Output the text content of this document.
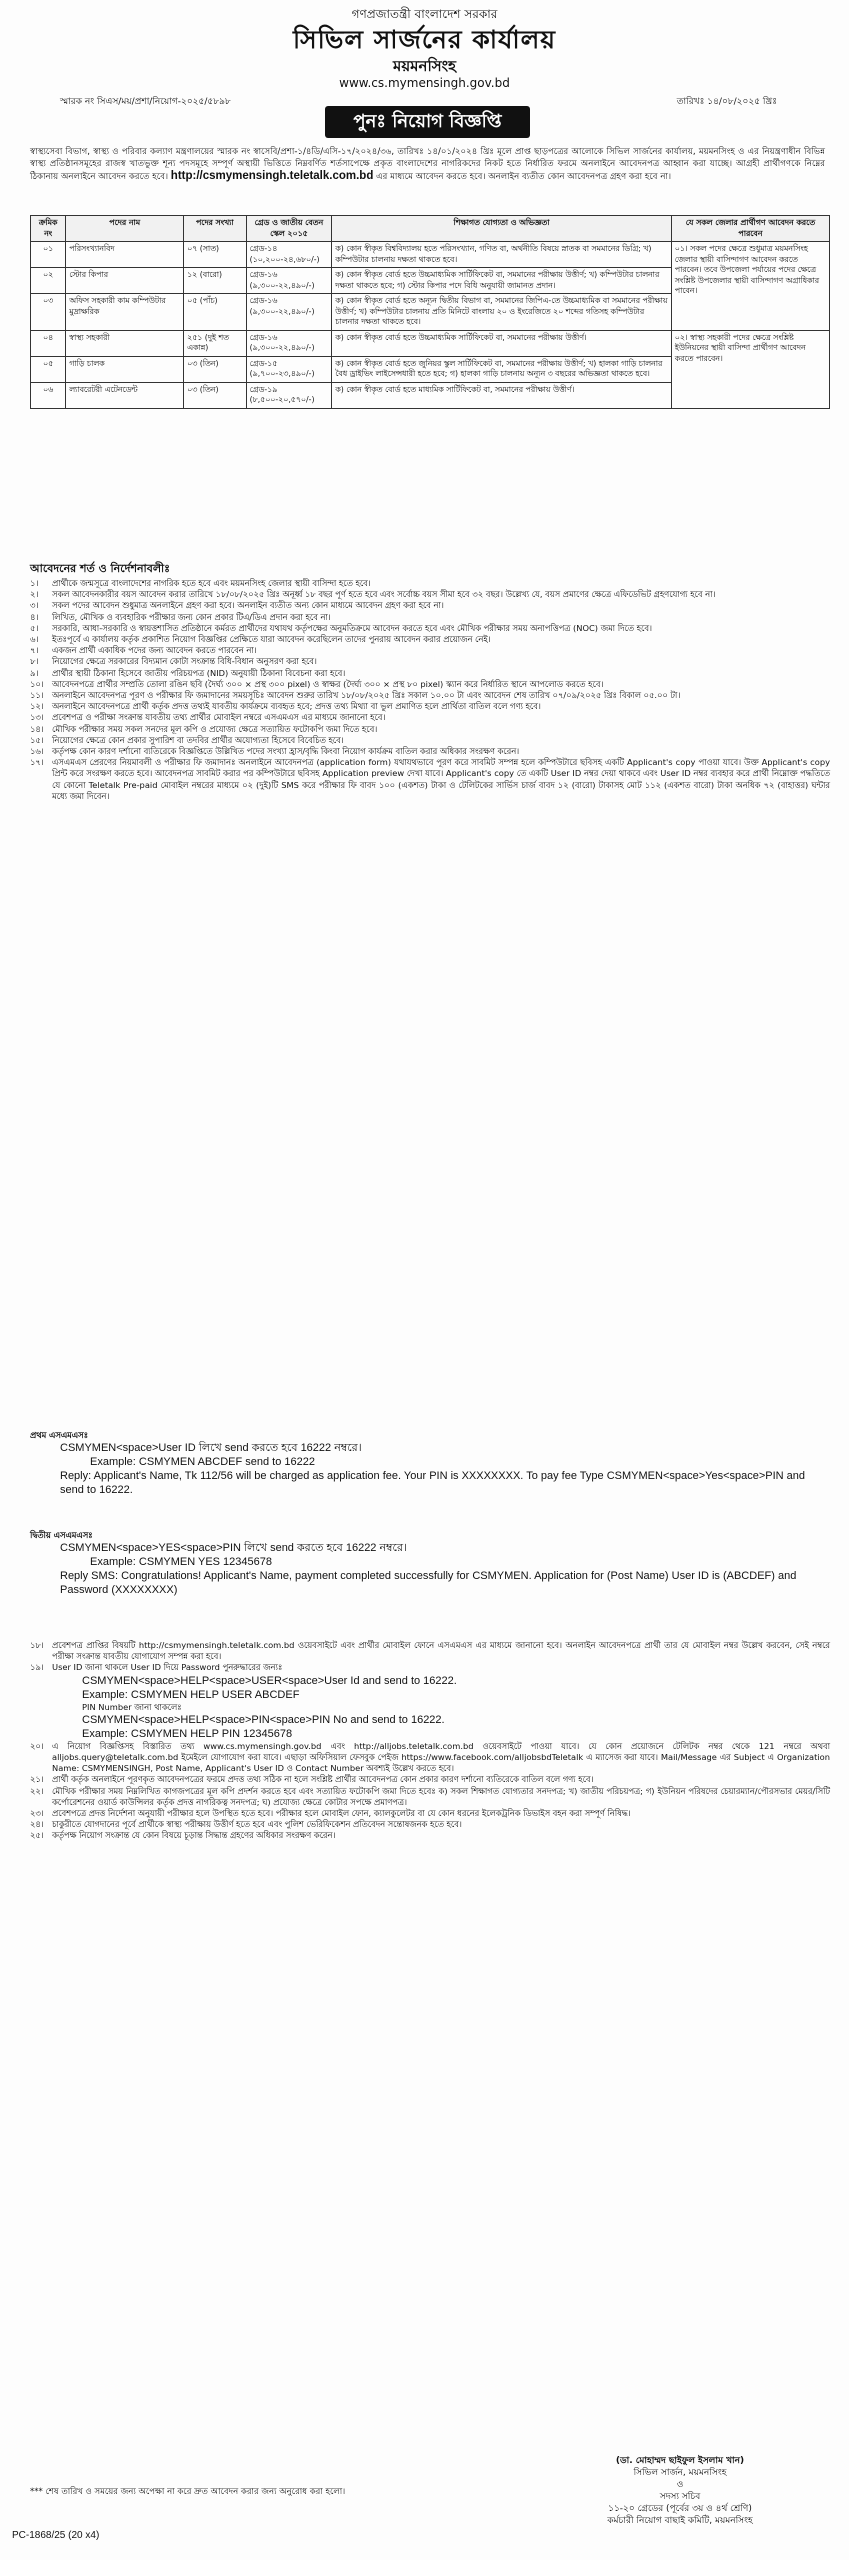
গণপ্রজাতন্ত্রী বাংলাদেশ সরকার
সিভিল সার্জনের কার্যালয়
ময়মনসিংহ
www.cs.mymensingh.gov.bd
স্মারক নং সিএস/ময়/প্রশা/নিয়োগ-২০২৫/৫৮৯৮	তারিখঃ ১৪/০৮/২০২৫ খ্রিঃ
পুনঃ নিয়োগ বিজ্ঞপ্তি
স্বাস্থ্যসেবা বিভাগ, স্বাস্থ্য ও পরিবার কল্যাণ মন্ত্রণালয়ের স্মারক নং স্বাসেবি/প্রশা-১/৪ডি/এসি-১৭/২০২৪/৩৬, তারিখঃ ১৪/০১/২০২৪ খ্রিঃ মূলে প্রাপ্ত ছাড়পত্রের আলোকে সিভিল সার্জনের কার্যালয়, ময়মনসিংহ ও এর নিয়ন্ত্রণাধীন বিভিন্ন স্বাস্থ্য প্রতিষ্ঠানসমূহের রাজস্ব খাতভুক্ত শূন্য পদসমূহে সম্পূর্ণ অস্থায়ী ভিত্তিতে নিম্নবর্ণিত শর্তসাপেক্ষে প্রকৃত বাংলাদেশের নাগরিকদের নিকট হতে নির্ধারিত ফরমে অনলাইনে আবেদনপত্র আহ্বান করা যাচ্ছে। আগ্রহী প্রার্থীগণকে নিম্নের ঠিকানায় অনলাইনে আবেদন করতে হবে। http://csmymensingh.teletalk.com.bd এর মাধ্যমে আবেদন করতে হবে। অনলাইন ব্যতীত কোন আবেদনপত্র গ্রহণ করা হবে না।
ক্রমিক নং	পদের নাম	পদের সংখ্যা	গ্রেড ও জাতীয় বেতন স্কেল ২০১৫	শিক্ষাগত যোগ্যতা ও অভিজ্ঞতা	যে সকল জেলার প্রার্থীগণ আবেদন করতে পারবেন
০১	পরিসংখ্যানবিদ	০৭ (সাত)	গ্রেড-১৪ (১০,২০০-২৪,৬৮০/-)	ক) কোন স্বীকৃত বিশ্ববিদ্যালয় হতে পরিসংখ্যান, গণিত বা, অর্থনীতি বিষয়ে স্নাতক বা সমমানের ডিগ্রি; খ) কম্পিউটার চালনায় দক্ষতা থাকতে হবে।	০১। সকল পদের ক্ষেত্রে শুধুমাত্র ময়মনসিংহ জেলার স্থায়ী বাসিন্দাগণ আবেদন করতে পারবেন। তবে উপজেলা পর্যায়ের পদের ক্ষেত্রে সংশ্লিষ্ট উপজেলার স্থায়ী বাসিন্দাগণ অগ্রাধিকার পাবেন।
০২	স্টোর কিপার	১২ (বারো)	গ্রেড-১৬ (৯,৩০০-২২,৪৯০/-)	ক) কোন স্বীকৃত বোর্ড হতে উচ্চমাধ্যমিক সার্টিফিকেট বা, সমমানের পরীক্ষায় উত্তীর্ণ; খ) কম্পিউটার চালনার দক্ষতা থাকতে হবে; গ) স্টোর কিপার পদে বিধি অনুযায়ী জামানত প্রদান।	
০৩	অফিস সহকারী কাম কম্পিউটার মুদ্রাক্ষরিক	০৫ (পাঁচ)	গ্রেড-১৬ (৯,৩০০-২২,৪৯০/-)	ক) কোন স্বীকৃত বোর্ড হতে অন্যূন দ্বিতীয় বিভাগ বা, সমমানের জিপিএ-তে উচ্চমাধ্যমিক বা সমমানের পরীক্ষায় উত্তীর্ণ; খ) কম্পিউটার চালনায় প্রতি মিনিটে বাংলায় ২০ ও ইংরেজিতে ২০ শব্দের গতিসহ কম্পিউটার চালনার দক্ষতা থাকতে হবে।	
০৪	স্বাস্থ্য সহকারী	২৫১ (দুই শত একান্ন)	গ্রেড-১৬ (৯,৩০০-২২,৪৯০/-)	ক) কোন স্বীকৃত বোর্ড হতে উচ্চমাধ্যমিক সার্টিফিকেট বা, সমমানের পরীক্ষায় উত্তীর্ণ।	০২। স্বাস্থ্য সহকারী পদের ক্ষেত্রে সংশ্লিষ্ট ইউনিয়নের স্থায়ী বাসিন্দা প্রার্থীগণ আবেদন করতে পারবেন।
০৫	গাড়ি চালক	০৩ (তিন)	গ্রেড-১৫ (৯,৭০০-২৩,৪৯০/-)	ক) কোন স্বীকৃত বোর্ড হতে জুনিয়র স্কুল সার্টিফিকেট বা, সমমানের পরীক্ষায় উত্তীর্ণ; খ) হালকা গাড়ি চালনার বৈধ ড্রাইভিং লাইসেন্সধারী হতে হবে; গ) হালকা গাড়ি চালনায় অন্যূন ৩ বছরের অভিজ্ঞতা থাকতে হবে।	
০৬	ল্যাবরেটরী এটেনডেন্ট	০৩ (তিন)	গ্রেড-১৯ (৮,৫০০-২০,৫৭০/-)	ক) কোন স্বীকৃত বোর্ড হতে মাধ্যমিক সার্টিফিকেট বা, সমমানের পরীক্ষায় উত্তীর্ণ।	
আবেদনের শর্ত ও নির্দেশনাবলীঃ
১।	প্রার্থীকে জন্মসূত্রে বাংলাদেশের নাগরিক হতে হবে এবং ময়মনসিংহ জেলার স্থায়ী বাসিন্দা হতে হবে।
২।	সকল আবেদনকারীর বয়স আবেদন করার তারিখে ১৮/০৮/২০২৫ খ্রিঃ অনূর্ধ্ব ১৮ বছর পূর্ণ হতে হবে এবং সর্বোচ্চ বয়স সীমা হবে ৩২ বছর। উল্লেখ্য যে, বয়স প্রমাণের ক্ষেত্রে এফিডেভিট গ্রহণযোগ্য হবে না।
৩।	সকল পদের আবেদন শুধুমাত্র অনলাইনে গ্রহণ করা হবে। অনলাইন ব্যতীত অন্য কোন মাধ্যমে আবেদন গ্রহণ করা হবে না।
৪।	লিখিত, মৌখিক ও ব্যবহারিক পরীক্ষার জন্য কোন প্রকার টিএ/ডিএ প্রদান করা হবে না।
৫।	সরকারি, আধা-সরকারি ও স্বায়ত্তশাসিত প্রতিষ্ঠানে কর্মরত প্রার্থীদের যথাযথ কর্তৃপক্ষের অনুমতিক্রমে আবেদন করতে হবে এবং মৌখিক পরীক্ষার সময় অনাপত্তিপত্র (NOC) জমা দিতে হবে।
৬।	ইতঃপূর্বে এ কার্যালয় কর্তৃক প্রকাশিত নিয়োগ বিজ্ঞপ্তির প্রেক্ষিতে যারা আবেদন করেছিলেন তাদের পুনরায় আবেদন করার প্রয়োজন নেই।
৭।	একজন প্রার্থী একাধিক পদের জন্য আবেদন করতে পারবেন না।
৮।	নিয়োগের ক্ষেত্রে সরকারের বিদ্যমান কোটা সংক্রান্ত বিধি-বিধান অনুসরণ করা হবে।
৯।	প্রার্থীর স্থায়ী ঠিকানা হিসেবে জাতীয় পরিচয়পত্র (NID) অনুযায়ী ঠিকানা বিবেচনা করা হবে।
১০। আবেদনপত্রে প্রার্থীর সম্প্রতি তোলা রঙিন ছবি (দৈর্ঘ্য ৩০০ × প্রস্থ ৩০০ pixel) ও স্বাক্ষর (দৈর্ঘ্য ৩০০ × প্রস্থ ৮০ pixel) স্ক্যান করে নির্ধারিত স্থানে আপলোড করতে হবে।
১১। অনলাইনে আবেদনপত্র পূরণ ও পরীক্ষার ফি জমাদানের সময়সূচিঃ আবেদন শুরুর তারিখ ১৮/০৮/২০২৫ খ্রিঃ সকাল ১০.০০ টা এবং আবেদন শেষ তারিখ ০৭/০৯/২০২৫ খ্রিঃ বিকাল ০৫.০০ টা।
১২। অনলাইনে আবেদনপত্রে প্রার্থী কর্তৃক প্রদত্ত তথ্যই যাবতীয় কার্যক্রমে ব্যবহৃত হবে; প্রদত্ত তথ্য মিথ্যা বা ভুল প্রমাণিত হলে প্রার্থিতা বাতিল বলে গণ্য হবে।
১৩। প্রবেশপত্র ও পরীক্ষা সংক্রান্ত যাবতীয় তথ্য প্রার্থীর মোবাইল নম্বরে এসএমএস এর মাধ্যমে জানানো হবে।
১৪। মৌখিক পরীক্ষার সময় সকল সনদের মূল কপি ও প্রযোজ্য ক্ষেত্রে সত্যায়িত ফটোকপি জমা দিতে হবে।
১৫। নিয়োগের ক্ষেত্রে কোন প্রকার সুপারিশ বা তদবির প্রার্থীর অযোগ্যতা হিসেবে বিবেচিত হবে।
১৬। কর্তৃপক্ষ কোন কারণ দর্শানো ব্যতিরেকে বিজ্ঞপ্তিতে উল্লিখিত পদের সংখ্যা হ্রাস/বৃদ্ধি কিংবা নিয়োগ কার্যক্রম বাতিল করার অধিকার সংরক্ষণ করেন।
১৭। এসএমএস প্রেরণের নিয়মাবলী ও পরীক্ষার ফি জমাদানঃ অনলাইনে আবেদনপত্র (application form) যথাযথভাবে পূরণ করে সাবমিট সম্পন্ন হলে কম্পিউটারে ছবিসহ একটি Applicant's copy পাওয়া যাবে। উক্ত Applicant's copy প্রিন্ট করে সংরক্ষণ করতে হবে। আবেদনপত্র সাবমিট করার পর কম্পিউটারে ছবিসহ Application preview দেখা যাবে। Applicant's copy তে একটি User ID নম্বর দেয়া থাকবে এবং User ID নম্বর ব্যবহার করে প্রার্থী নিম্নোক্ত পদ্ধতিতে যে কোনো Teletalk Pre-paid মোবাইল নম্বরের মাধ্যমে ০২ (দুই)টি SMS করে পরীক্ষার ফি বাবদ ১০০ (একশত) টাকা ও টেলিটকের সার্ভিস চার্জ বাবদ ১২ (বারো) টাকাসহ মোট ১১২ (একশত বারো) টাকা অনধিক ৭২ (বাহাত্তর) ঘন্টার মধ্যে জমা দিবেন।
প্রথম এসএমএসঃ
CSMYMEN<space>User ID লিখে send করতে হবে 16222 নম্বরে।
Example: CSMYMEN ABCDEF send to 16222
Reply: Applicant's Name, Tk 112/56 will be charged as application fee. Your PIN is XXXXXXXX. To pay fee Type CSMYMEN<space>Yes<space>PIN and send to 16222.
দ্বিতীয় এসএমএসঃ
CSMYMEN<space>YES<space>PIN লিখে send করতে হবে 16222 নম্বরে।
Example: CSMYMEN YES 12345678
Reply SMS: Congratulations! Applicant's Name, payment completed successfully for CSMYMEN. Application for (Post Name) User ID is (ABCDEF) and Password (XXXXXXXX)
১৮। প্রবেশপত্র প্রাপ্তির বিষয়টি http://csmymensingh.teletalk.com.bd ওয়েবসাইটে এবং প্রার্থীর মোবাইল ফোনে এসএমএস এর মাধ্যমে জানানো হবে। অনলাইন আবেদনপত্রে প্রার্থী তার যে মোবাইল নম্বর উল্লেখ করবেন, সেই নম্বরে পরীক্ষা সংক্রান্ত যাবতীয় যোগাযোগ সম্পন্ন করা হবে।
১৯। User ID জানা থাকলে User ID দিয়ে Password পুনরুদ্ধারের জন্যঃ
CSMYMEN<space>HELP<space>USER<space>User Id and send to 16222.
Example: CSMYMEN HELP USER ABCDEF
PIN Number জানা থাকলেঃ
CSMYMEN<space>HELP<space>PIN<space>PIN No and send to 16222.
Example: CSMYMEN HELP PIN 12345678
২০। এ নিয়োগ বিজ্ঞপ্তিসহ বিস্তারিত তথ্য www.cs.mymensingh.gov.bd এবং http://alljobs.teletalk.com.bd ওয়েবসাইটে পাওয়া যাবে। যে কোন প্রয়োজনে টেলিটক নম্বর থেকে 121 নম্বরে অথবা alljobs.query@teletalk.com.bd ইমেইলে যোগাযোগ করা যাবে। এছাড়া অফিসিয়াল ফেসবুক পেইজ https://www.facebook.com/alljobsbdTeletalk এ ম্যাসেজ করা যাবে। Mail/Message এর Subject এ Organization Name: CSMYMENSINGH, Post Name, Applicant's User ID ও Contact Number অবশ্যই উল্লেখ করতে হবে।
২১। প্রার্থী কর্তৃক অনলাইনে পূরণকৃত আবেদনপত্রের ফরমে প্রদত্ত তথ্য সঠিক না হলে সংশ্লিষ্ট প্রার্থীর আবেদনপত্র কোন প্রকার কারণ দর্শানো ব্যতিরেকে বাতিল বলে গণ্য হবে।
২২। মৌখিক পরীক্ষার সময় নিম্নলিখিত কাগজপত্রের মূল কপি প্রদর্শন করতে হবে এবং সত্যায়িত ফটোকপি জমা দিতে হবেঃ ক) সকল শিক্ষাগত যোগ্যতার সনদপত্র; খ) জাতীয় পরিচয়পত্র; গ) ইউনিয়ন পরিষদের চেয়ারম্যান/পৌরসভার মেয়র/সিটি কর্পোরেশনের ওয়ার্ড কাউন্সিলর কর্তৃক প্রদত্ত নাগরিকত্ব সনদপত্র; ঘ) প্রযোজ্য ক্ষেত্রে কোটার সপক্ষে প্রমাণপত্র।
২৩। প্রবেশপত্রে প্রদত্ত নির্দেশনা অনুযায়ী পরীক্ষার হলে উপস্থিত হতে হবে। পরীক্ষার হলে মোবাইল ফোন, ক্যালকুলেটর বা যে কোন ধরনের ইলেকট্রনিক ডিভাইস বহন করা সম্পূর্ণ নিষিদ্ধ।
২৪। চাকুরীতে যোগদানের পূর্বে প্রার্থীকে স্বাস্থ্য পরীক্ষায় উত্তীর্ণ হতে হবে এবং পুলিশ ভেরিফিকেশন প্রতিবেদন সন্তোষজনক হতে হবে।
২৫। কর্তৃপক্ষ নিয়োগ সংক্রান্ত যে কোন বিষয়ে চূড়ান্ত সিদ্ধান্ত গ্রহণের অধিকার সংরক্ষণ করেন।
(ডা. মোহাম্মদ ছাইফুল ইসলাম খান)
সিভিল সার্জন, ময়মনসিংহ
ও
সদস্য সচিব
১১-২০ গ্রেডের (পূর্বের ৩য় ও ৪র্থ শ্রেণি)
কর্মচারী নিয়োগ বাছাই কমিটি, ময়মনসিংহ
*** শেষ তারিখ ও সময়ের জন্য অপেক্ষা না করে দ্রুত আবেদন করার জন্য অনুরোধ করা হলো।
PC-1868/25 (20 x4)
